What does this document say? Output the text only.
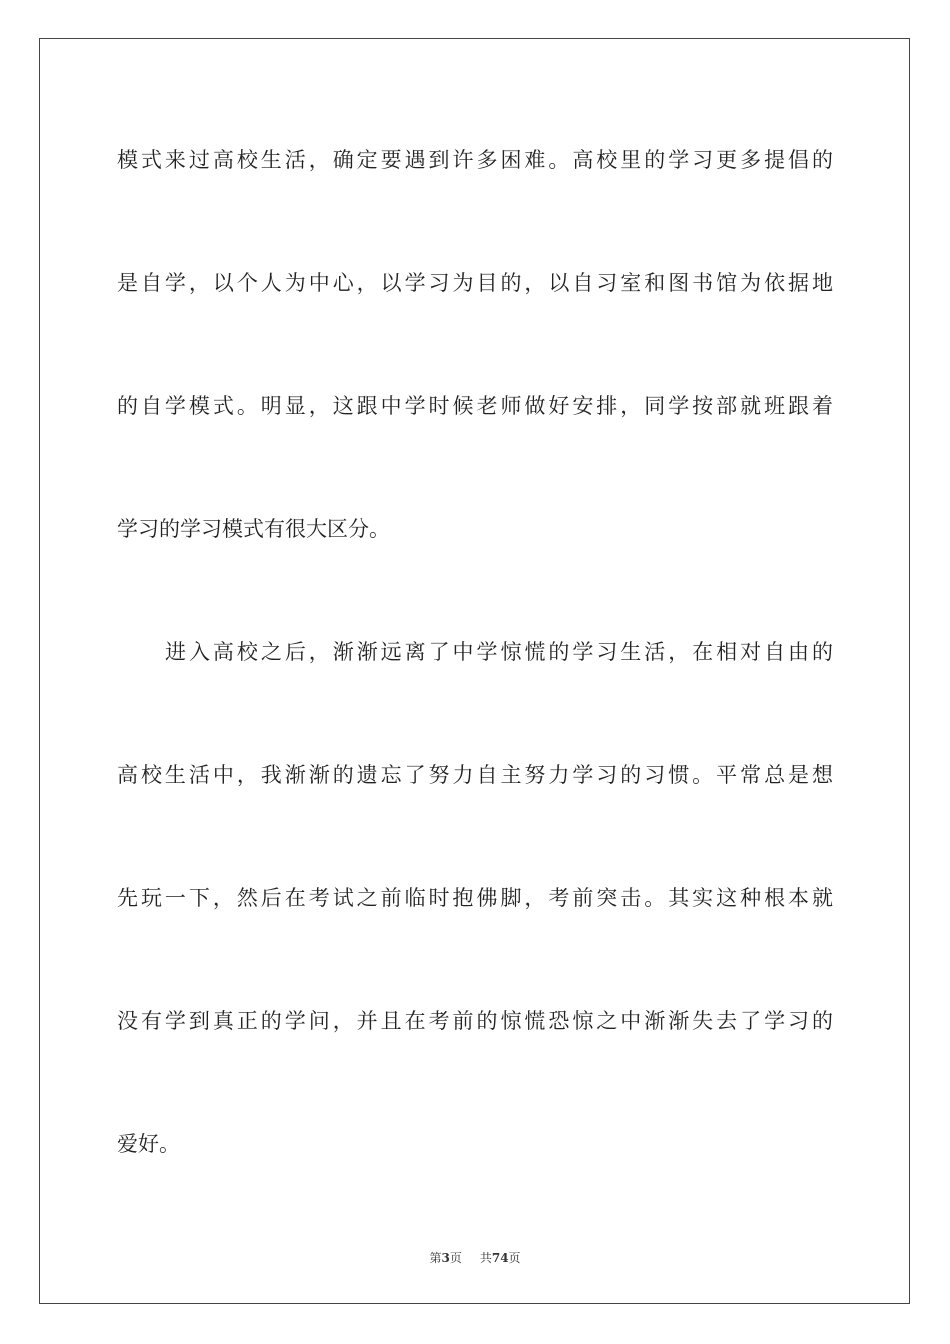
模式来过高校生活，确定要遇到许多困难。高校里的学习更多提倡的
是自学，以个人为中心，以学习为目的，以自习室和图书馆为依据地
的自学模式。明显，这跟中学时候老师做好安排，同学按部就班跟着
学习的学习模式有很大区分。
进入高校之后，渐渐远离了中学惊慌的学习生活，在相对自由的
高校生活中，我渐渐的遗忘了努力自主努力学习的习惯。平常总是想
先玩一下，然后在考试之前临时抱佛脚，考前突击。其实这种根本就
没有学到真正的学问，并且在考前的惊慌恐惊之中渐渐失去了学习的
爱好。
第3页 共74页
